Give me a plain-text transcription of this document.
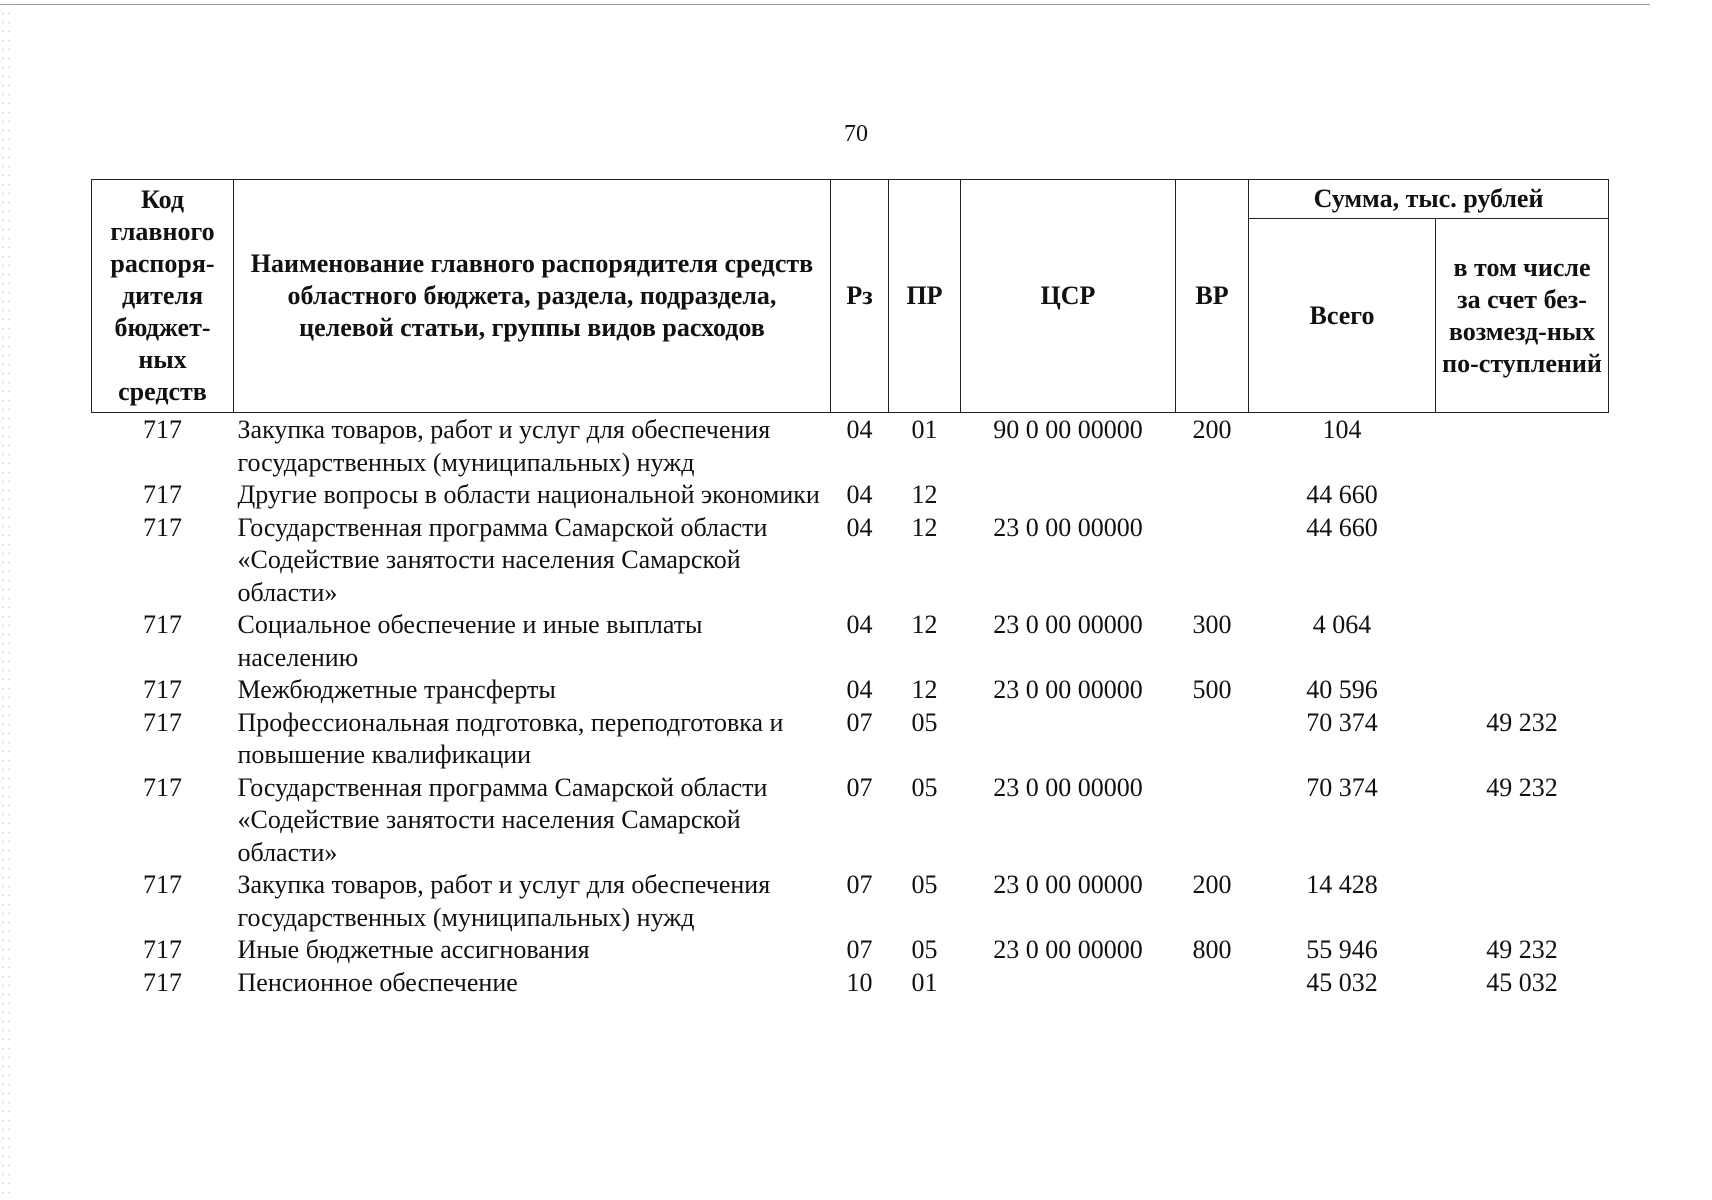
70
Код главного распоря-дителя бюджет-ных средств	Наименование главного распорядителя средств областного бюджета, раздела, подраздела, целевой статьи, группы видов расходов	Рз	ПР	ЦСР	ВР	Сумма, тыс. рублей	
						Всего	в том числе за счет без-возмезд-ных по-ступлений
717	Закупка товаров, работ и услуг для обеспечения государственных (муниципальных) нужд	04	01	90 0 00 00000	200	104	
717	Другие вопросы в области национальной экономики	04	12			44 660	
717	Государственная программа Самарской области «Содействие занятости населения Самарской области»	04	12	23 0 00 00000		44 660	
717	Социальное обеспечение и иные выплаты населению	04	12	23 0 00 00000	300	4 064	
717	Межбюджетные трансферты	04	12	23 0 00 00000	500	40 596	
717	Профессиональная подготовка, переподготовка и повышение квалификации	07	05			70 374	49 232
717	Государственная программа Самарской области «Содействие занятости населения Самарской области»	07	05	23 0 00 00000		70 374	49 232
717	Закупка товаров, работ и услуг для обеспечения государственных (муниципальных) нужд	07	05	23 0 00 00000	200	14 428	
717	Иные бюджетные ассигнования	07	05	23 0 00 00000	800	55 946	49 232
717	Пенсионное обеспечение	10	01			45 032	45 032
